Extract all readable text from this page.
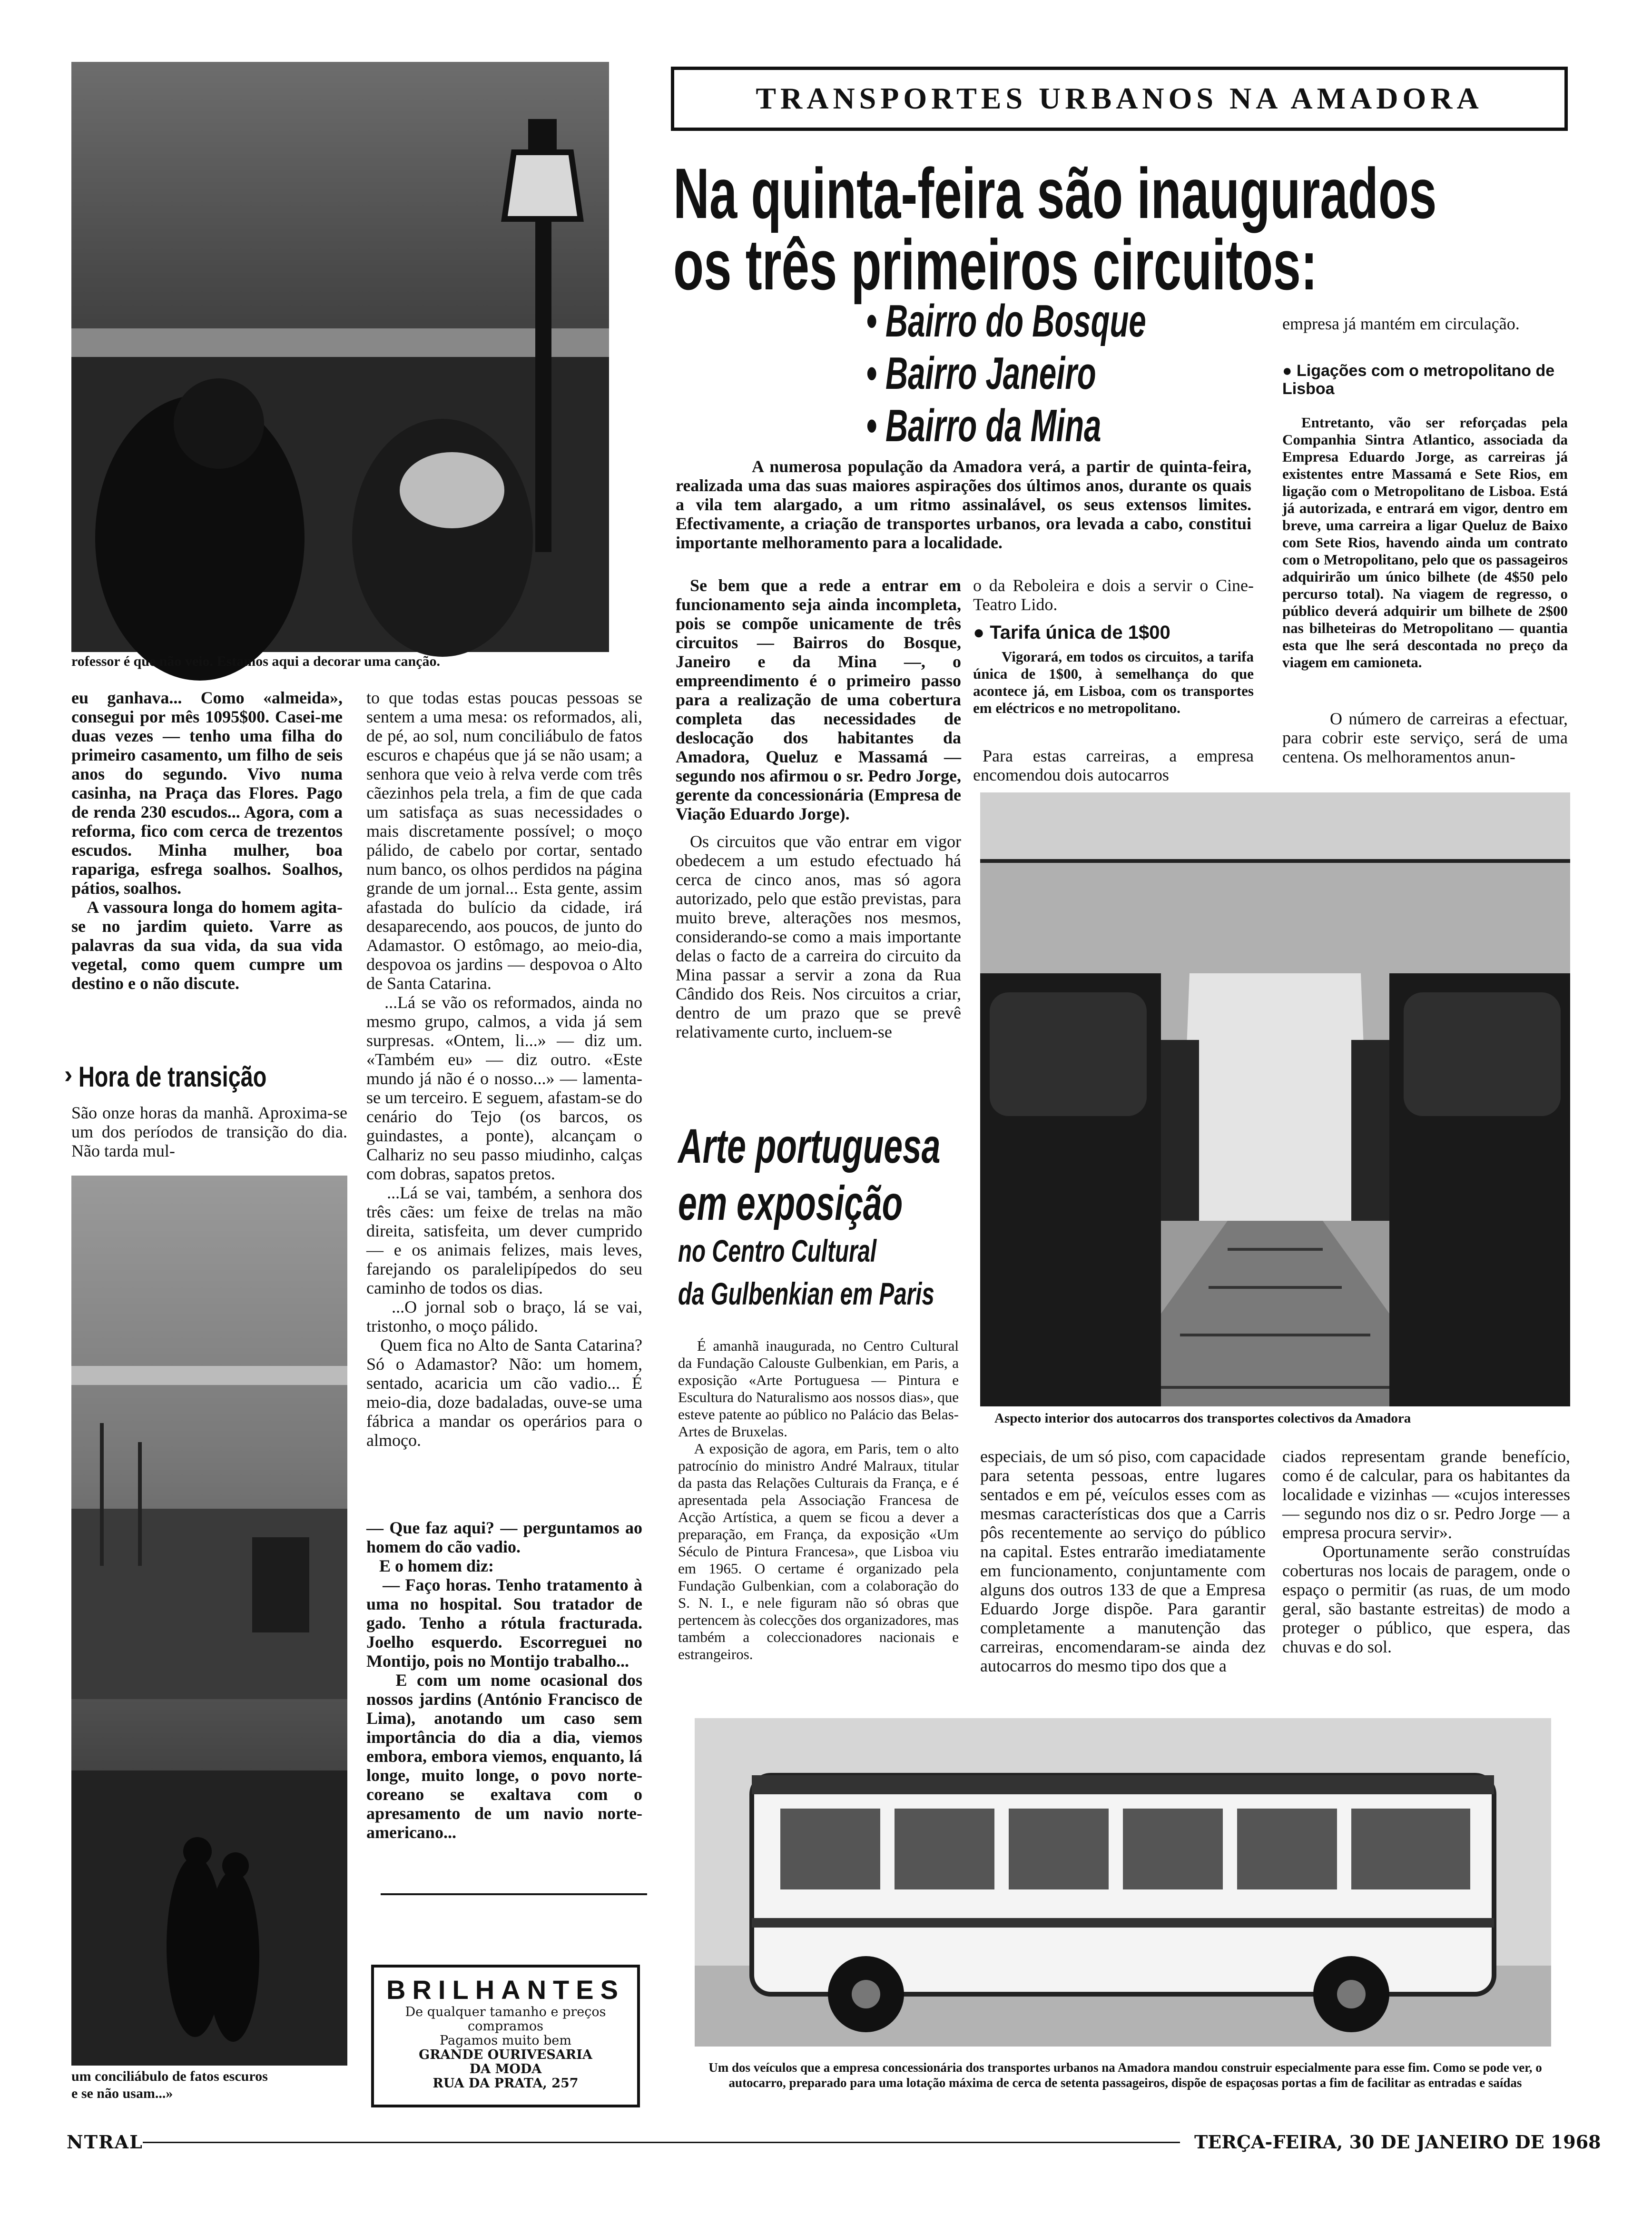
rofessor é que não veio. Estamos aqui a decorar uma canção.

eu ganhava... Como «almeida», consegui por mês 1095$00. Casei-me duas vezes — tenho uma filha do primeiro casamento, um filho de seis anos do segundo. Vivo numa casinha, na Praça das Flores. Pago de renda 230 escudos... Agora, com a reforma, fico com cerca de trezentos escudos. Minha mulher, boa rapariga, esfrega soalhos. Soalhos, pátios, soalhos.
A vassoura longa do homem agita-se no jardim quieto. Varre as palavras da sua vida, da sua vida vegetal, como quem cumpre um destino e o não discute.

› Hora de transição

São onze horas da manhã. Aproxima-se um dos períodos de transição do dia. Não tarda mul-

um conciliábulo de fatos escuros
e se não usam...»

to que todas estas poucas pessoas se sentem a uma mesa: os reformados, ali, de pé, ao sol, num conciliábulo de fatos escuros e chapéus que já se não usam; a senhora que veio à relva verde com três cãezinhos pela trela, a fim de que cada um satisfaça as suas necessidades o mais discretamente possível; o moço pálido, de cabelo por cortar, sentado num banco, os olhos perdidos na página grande de um jornal... Esta gente, assim afastada do bulício da cidade, irá desaparecendo, aos poucos, de junto do Adamastor. O estômago, ao meio-dia, despovoa os jardins — despovoa o Alto de Santa Catarina.
...Lá se vão os reformados, ainda no mesmo grupo, calmos, a vida já sem surpresas. «Ontem, li...» — diz um. «Também eu» — diz outro. «Este mundo já não é o nosso...» — lamenta-se um terceiro. E seguem, afastam-se do cenário do Tejo (os barcos, os guindastes, a ponte), alcançam o Calhariz no seu passo miudinho, calças com dobras, sapatos pretos.
...Lá se vai, também, a senhora dos três cães: um feixe de trelas na mão direita, satisfeita, um dever cumprido — e os animais felizes, mais leves, farejando os paralelipípedos do seu caminho de todos os dias.
...O jornal sob o braço, lá se vai, tristonho, o moço pálido.
Quem fica no Alto de Santa Catarina? Só o Adamastor? Não: um homem, sentado, acaricia um cão vadio... É meio-dia, doze badaladas, ouve-se uma fábrica a mandar os operários para o almoço.

— Que faz aqui? — perguntamos ao homem do cão vadio.
E o homem diz:
— Faço horas. Tenho tratamento à uma no hospital. Sou tratador de gado. Tenho a rótula fracturada. Joelho esquerdo. Escorreguei no Montijo, pois no Montijo trabalho...
E com um nome ocasional dos nossos jardins (António Francisco de Lima), anotando um caso sem importância do dia a dia, viemos embora, embora viemos, enquanto, lá longe, muito longe, o povo norte-coreano se exaltava com o apresamento de um navio norte-americano...

BRILHANTES
De qualquer tamanho e preços
compramos
Pagamos muito bem
GRANDE OURIVESARIA
DA MODA
RUA DA PRATA, 257
TRANSPORTES URBANOS NA AMADORA
Na quinta-feira são inaugurados
os três primeiros circuitos:
• Bairro do Bosque
• Bairro Janeiro
• Bairro da Mina

A numerosa população da Amadora verá, a partir de quinta-feira, realizada uma das suas maiores aspirações dos últimos anos, durante os quais a vila tem alargado, a um ritmo assinalável, os seus extensos limites. Efectivamente, a criação de transportes urbanos, ora levada a cabo, constitui importante melhoramento para a localidade.

Se bem que a rede a entrar em funcionamento seja ainda incompleta, pois se compõe unicamente de três circuitos — Bairros do Bosque, Janeiro e da Mina —, o empreendimento é o primeiro passo para a realização de uma cobertura completa das necessidades de deslocação dos habitantes da Amadora, Queluz e Massamá — segundo nos afirmou o sr. Pedro Jorge, gerente da concessionária (Empresa de Viação Eduardo Jorge).

Os circuitos que vão entrar em vigor obedecem a um estudo efectuado há cerca de cinco anos, mas só agora autorizado, pelo que estão previstas, para muito breve, alterações nos mesmos, considerando-se como a mais importante delas o facto de a carreira do circuito da Mina passar a servir a zona da Rua Cândido dos Reis. Nos circuitos a criar, dentro de um prazo que se prevê relativamente curto, incluem-se

o da Reboleira e dois a servir o Cine-Teatro Lido.

● Tarifa única de 1$00

Vigorará, em todos os circuitos, a tarifa única de 1$00, à semelhança do que acontece já, em Lisboa, com os transportes em eléctricos e no metropolitano.

Para estas carreiras, a empresa encomendou dois autocarros

empresa já mantém em circulação.

● Ligações com o metropolitano de Lisboa

Entretanto, vão ser reforçadas pela Companhia Sintra Atlantico, associada da Empresa Eduardo Jorge, as carreiras já existentes entre Massamá e Sete Rios, em ligação com o Metropolitano de Lisboa. Está já autorizada, e entrará em vigor, dentro em breve, uma carreira a ligar Queluz de Baixo com Sete Rios, havendo ainda um contrato com o Metropolitano, pelo que os passageiros adquirirão um único bilhete (de 4$50 pelo percurso total). Na viagem de regresso, o público deverá adquirir um bilhete de 2$00 nas bilheteiras do Metropolitano — quantia esta que lhe será descontada no preço da viagem em camioneta.

O número de carreiras a efectuar, para cobrir este serviço, será de uma centena. Os melhoramentos anun-

Aspecto interior dos autocarros dos transportes colectivos da Amadora

Arte portuguesa
em exposição
no Centro Cultural
da Gulbenkian em Paris

É amanhã inaugurada, no Centro Cultural da Fundação Calouste Gulbenkian, em Paris, a exposição «Arte Portuguesa — Pintura e Escultura do Naturalismo aos nossos dias», que esteve patente ao público no Palácio das Belas-Artes de Bruxelas.
A exposição de agora, em Paris, tem o alto patrocínio do ministro André Malraux, titular da pasta das Relações Culturais da França, e é apresentada pela Associação Francesa de Acção Artística, a quem se ficou a dever a preparação, em França, da exposição «Um Século de Pintura Francesa», que Lisboa viu em 1965. O certame é organizado pela Fundação Gulbenkian, com a colaboração do S. N. I., e nele figuram não só obras que pertencem às colecções dos organizadores, mas também a coleccionadores nacionais e estrangeiros.

especiais, de um só piso, com capacidade para setenta pessoas, entre lugares sentados e em pé, veículos esses com as mesmas características dos que a Carris pôs recentemente ao serviço do público na capital. Estes entrarão imediatamente em funcionamento, conjuntamente com alguns dos outros 133 de que a Empresa Eduardo Jorge dispõe. Para garantir completamente a manutenção das carreiras, encomendaram-se ainda dez autocarros do mesmo tipo dos que a

ciados representam grande benefício, como é de calcular, para os habitantes da localidade e vizinhas — «cujos interesses — segundo nos diz o sr. Pedro Jorge — a empresa procura servir».
Oportunamente serão construídas coberturas nos locais de paragem, onde o espaço o permitir (as ruas, de um modo geral, são bastante estreitas) de modo a proteger o público, que espera, das chuvas e do sol.

Um dos veículos que a empresa concessionária dos transportes urbanos na Amadora mandou construir especialmente para esse fim. Como se pode ver, o autocarro, preparado para uma lotação máxima de cerca de setenta passageiros, dispõe de espaçosas portas a fim de facilitar as entradas e saídas

NTRAL	TERÇA-FEIRA, 30 DE JANEIRO DE 1968
